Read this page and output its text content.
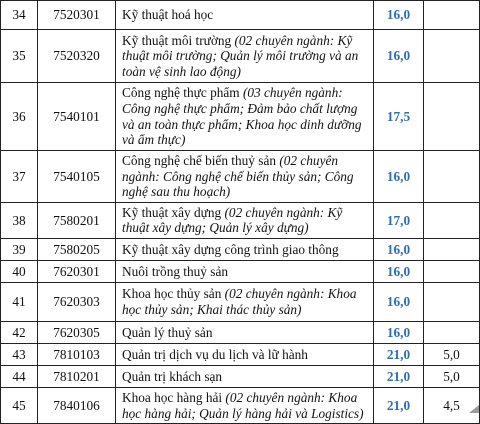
34	7520301	Kỹ thuật hoá học	16,0	
35	7520320	Kỹ thuật môi trường (02 chuyên ngành: Kỹ thuật môi trường; Quản lý môi trường và an toàn vệ sinh lao động)	16,0	
36	7540101	Công nghệ thực phẩm (03 chuyên ngành: Công nghệ thực phẩm; Đảm bảo chất lượng và an toàn thực phẩm; Khoa học dinh dưỡng và ẩm thực)	17,5	
37	7540105	Công nghệ chế biến thuỷ sản (02 chuyên ngành: Công nghệ chế biến thủy sản; Công nghệ sau thu hoạch)	16,0	
38	7580201	Kỹ thuật xây dựng (02 chuyên ngành: Kỹ thuật xây dựng; Quản lý xây dựng)	17,0	
39	7580205	Kỹ thuật xây dựng công trình giao thông	16,0	
40	7620301	Nuôi trồng thuỷ sản	16,0	
41	7620303	Khoa học thủy sản (02 chuyên ngành: Khoa học thủy sản; Khai thác thủy sản)	16,0	
42	7620305	Quản lý thuỷ sản	16,0	
43	7810103	Quản trị dịch vụ du lịch và lữ hành	21,0	5,0
44	7810201	Quản trị khách sạn	21,0	5,0
45	7840106	Khoa học hàng hải (02 chuyên ngành: Khoa học hàng hải; Quản lý hàng hải và Logistics)	21,0	4,5
